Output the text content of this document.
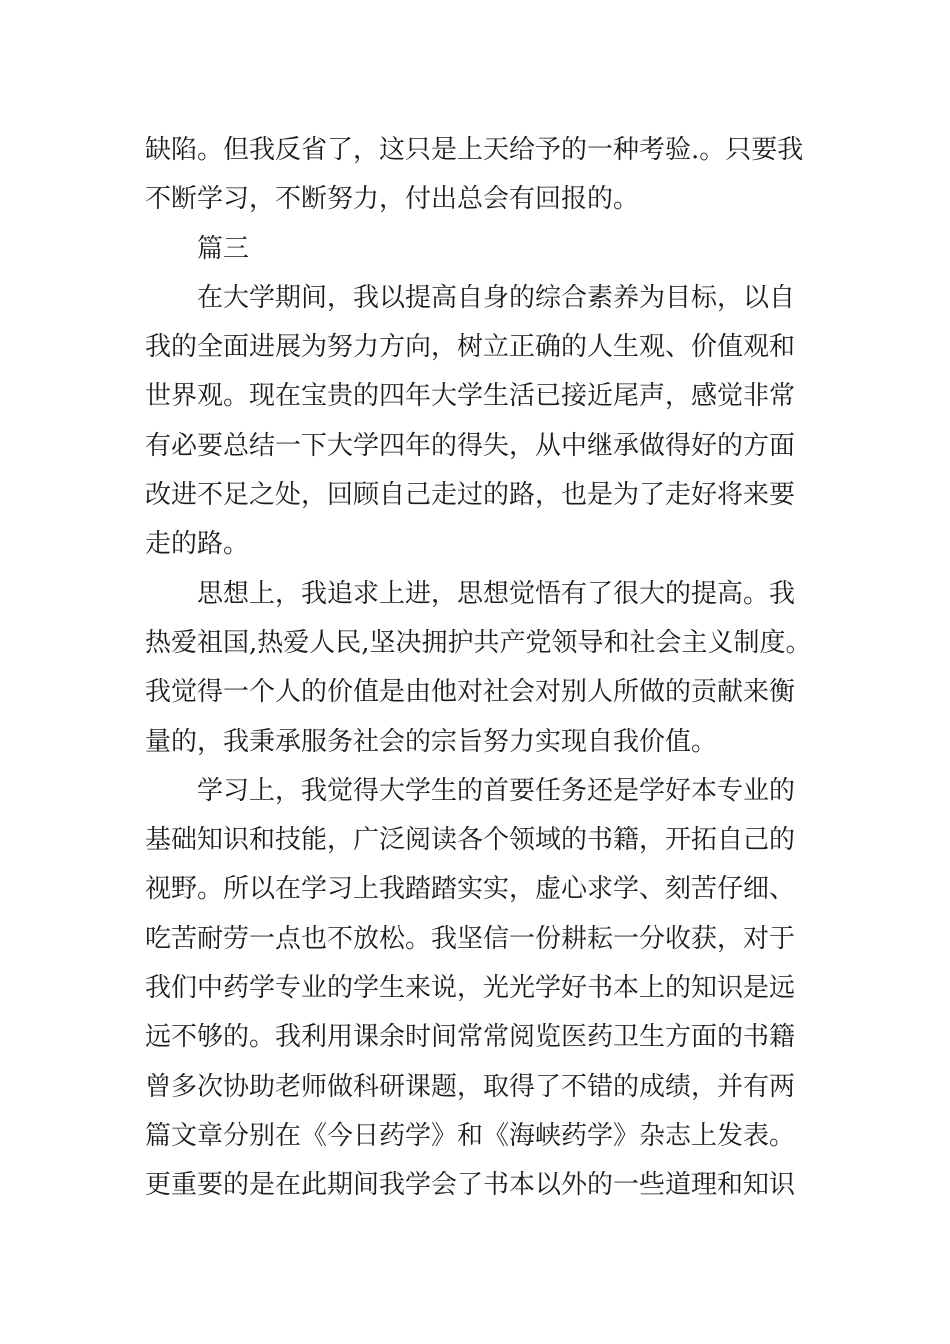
缺陷。但我反省了，这只是上天给予的一种考验.。只要我
不断学习，不断努力，付出总会有回报的。
篇三
在大学期间，我以提高自身的综合素养为目标，以自
我的全面进展为努力方向，树立正确的人生观、价值观和
世界观。现在宝贵的四年大学生活已接近尾声，感觉非常
有必要总结一下大学四年的得失，从中继承做得好的方面
改进不足之处，回顾自己走过的路，也是为了走好将来要
走的路。
思想上，我追求上进，思想觉悟有了很大的提高。我
热爱祖国,热爱人民,坚决拥护共产党领导和社会主义制度。
我觉得一个人的价值是由他对社会对别人所做的贡献来衡
量的，我秉承服务社会的宗旨努力实现自我价值。
学习上，我觉得大学生的首要任务还是学好本专业的
基础知识和技能，广泛阅读各个领域的书籍，开拓自己的
视野。所以在学习上我踏踏实实，虚心求学、刻苦仔细、
吃苦耐劳一点也不放松。我坚信一份耕耘一分收获，对于
我们中药学专业的学生来说，光光学好书本上的知识是远
远不够的。我利用课余时间常常阅览医药卫生方面的书籍
曾多次协助老师做科研课题，取得了不错的成绩，并有两
篇文章分别在《今日药学》和《海峡药学》杂志上发表。
更重要的是在此期间我学会了书本以外的一些道理和知识
